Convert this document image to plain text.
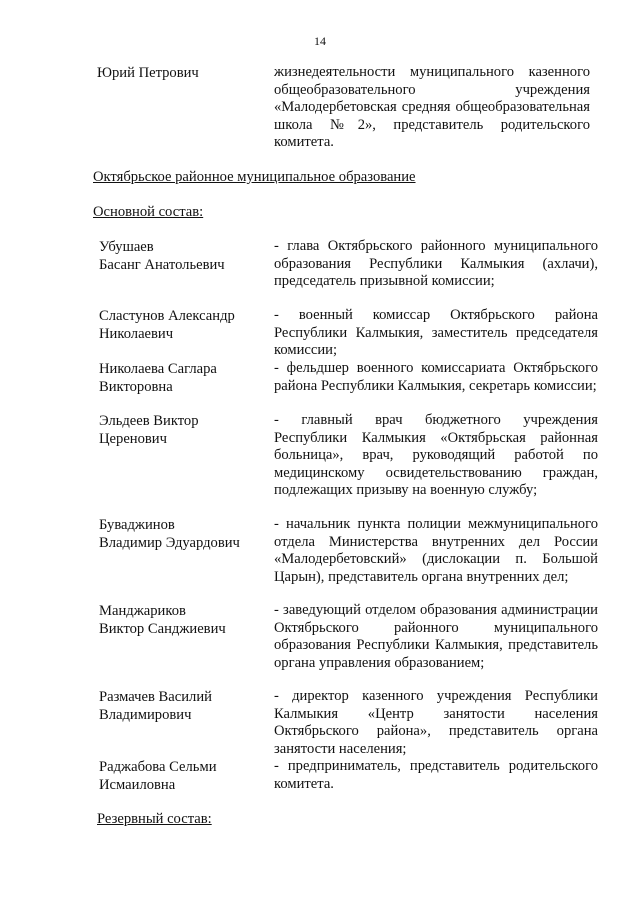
14
Юрий Петрович	жизнедеятельности муниципального казенного общеобразовательного учреждения «Малодербетовская средняя общеобразовательная школа №2», представитель родительского комитета.
Октябрьское районное муниципальное образование
Основной состав:
Убушаев
Басанг Анатольевич
- глава Октябрьского районного муниципального образования Республики Калмыкия (ахлачи), председатель призывной комиссии;
Сластунов Александр
Николаевич
- военный комиссар Октябрьского района Республики Калмыкия, заместитель председателя комиссии;
Николаева Саглара
Викторовна
- фельдшер военного комиссариата Октябрьского района Республики Калмыкия, секретарь комиссии;
Эльдеев Виктор
Церенович
- главный врач бюджетного учреждения Республики Калмыкия «Октябрьская районная больница», врач, руководящий работой по медицинскому освидетельствованию граждан, подлежащих призыву на военную службу;
Буваджинов
Владимир Эдуардович
- начальник пункта полиции межмуниципального отдела Министерства внутренних дел России «Малодербетовский» (дислокации п. Большой Царын), представитель органа внутренних дел;
Манджариков
Виктор Санджиевич
- заведующий отделом образования администрации Октябрьского районного муниципального образования Республики Калмыкия, представитель органа управления образованием;
Размачев Василий
Владимирович
- директор казенного учреждения Республики Калмыкия «Центр занятости населения Октябрьского района», представитель органа занятости населения;
Раджабова Сельми
Исмаиловна
- предприниматель, представитель родительского комитета.
Резервный состав:
